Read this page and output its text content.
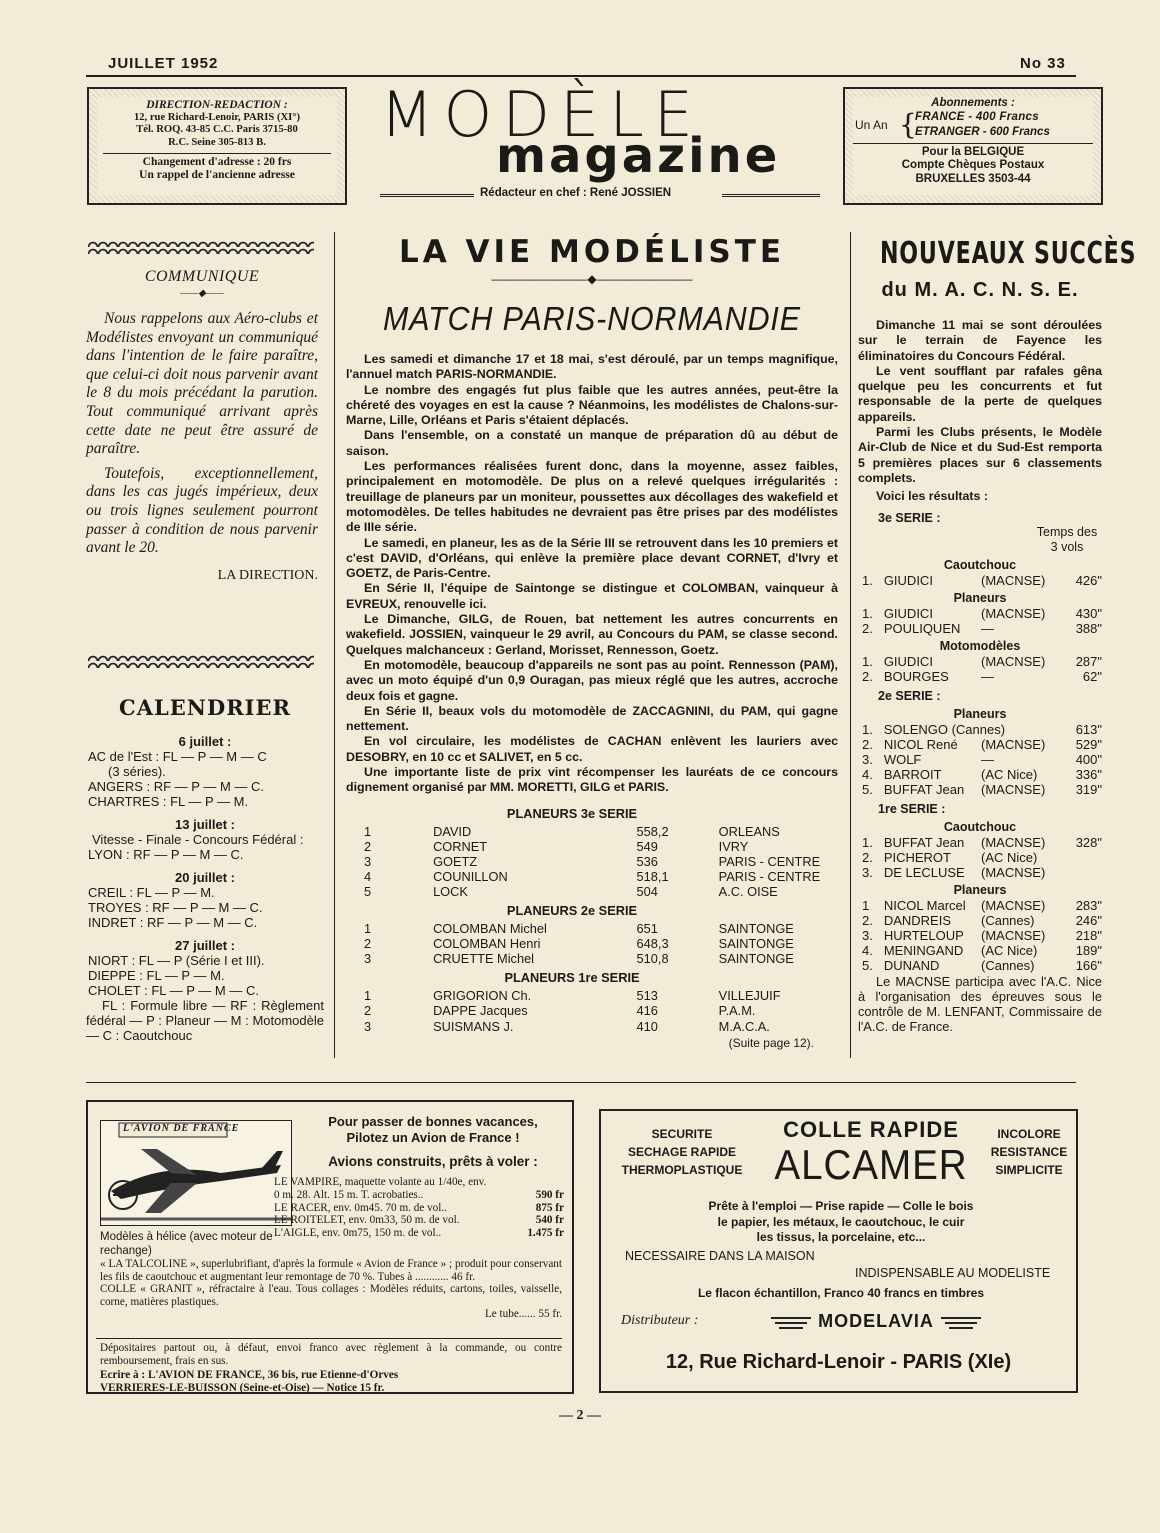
JUILLET 1952	No 33
DIRECTION-REDACTION :
12, rue Richard-Lenoir, PARIS (XI°)
Tél. ROQ. 43-85 C.C. Paris 3715-80
R.C. Seine 305-813 B.
Changement d'adresse : 20 frs
Un rappel de l'ancienne adresse
MODÈLE
magazine
Rédacteur en chef : René JOSSIEN
Abonnements :
Un An {
FRANCE - 400 Francs
ETRANGER - 600 Francs
Pour la BELGIQUE
Compte Chèques Postaux
BRUXELLES 3503-44
COMMUNIQUE
——◆——

Nous rappelons aux Aéro-clubs et Modélistes envoyant un communiqué dans l'intention de le faire paraître, que celui-ci doit nous parvenir avant le 8 du mois précédant la parution. Tout communiqué arrivant après cette date ne peut être assuré de paraître.

Toutefois, exceptionnellement, dans les cas jugés impérieux, deux ou trois lignes seulement pourront passer à condition de nous parvenir avant le 20.

LA DIRECTION.
CALENDRIER

6 juillet :

AC de l'Est : FL — P — M — C

(3 séries).

ANGERS : RF — P — M — C.

CHARTRES : FL — P — M.

13 juillet :

Vitesse - Finale - Concours Fédéral :

LYON : RF — P — M — C.

20 juillet :

CREIL : FL — P — M.

TROYES : RF — P — M — C.

INDRET : RF — P — M — C.

27 juillet :

NIORT : FL — P (Série I et III).

DIEPPE : FL — P — M.

CHOLET : FL — P — M — C.

FL : Formule libre — RF : Règlement fédéral — P : Planeur — M : Motomodèle — C : Caoutchouc

LA VIE MODÉLISTE
————————◆————————
MATCH PARIS-NORMANDIE

Les samedi et dimanche 17 et 18 mai, s'est déroulé, par un temps magnifique, l'annuel match PARIS-NORMANDIE.

Le nombre des engagés fut plus faible que les autres années, peut-être la chéreté des voyages en est la cause ? Néanmoins, les modélistes de Chalons-sur-Marne, Lille, Orléans et Paris s'étaient déplacés.

Dans l'ensemble, on a constaté un manque de préparation dû au début de saison.

Les performances réalisées furent donc, dans la moyenne, assez faibles, principalement en motomodèle. De plus on a relevé quelques irrégularités : treuillage de planeurs par un moniteur, poussettes aux décollages des wakefield et motomodèles. De telles habitudes ne devraient pas être prises par des modélistes de IIIe série.

Le samedi, en planeur, les as de la Série III se retrouvent dans les 10 premiers et c'est DAVID, d'Orléans, qui enlève la première place devant CORNET, d'Ivry et GOETZ, de Paris-Centre.

En Série II, l'équipe de Saintonge se distingue et COLOMBAN, vainqueur à EVREUX, renouvelle ici.

Le Dimanche, GILG, de Rouen, bat nettement les autres concurrents en wakefield. JOSSIEN, vainqueur le 29 avril, au Concours du PAM, se classe second. Quelques malchanceux : Gerland, Morisset, Rennesson, Goetz.

En motomodèle, beaucoup d'appareils ne sont pas au point. Rennesson (PAM), avec un moto équipé d'un 0,9 Ouragan, pas mieux réglé que les autres, accroche deux fois et gagne.

En Série II, beaux vols du motomodèle de ZACCAGNINI, du PAM, qui gagne nettement.

En vol circulaire, les modélistes de CACHAN enlèvent les lauriers avec DESOBRY, en 10 cc et SALIVET, en 5 cc.

Une importante liste de prix vint récompenser les lauréats de ce concours dignement organisé par MM. MORETTI, GILG et PARIS.

PLANEURS 3e SERIE
1	DAVID	558,2	ORLEANS
2	CORNET	549	IVRY
3	GOETZ	536	PARIS - CENTRE
4	COUNILLON	518,1	PARIS - CENTRE
5	LOCK	504	A.C. OISE
PLANEURS 2e SERIE
1	COLOMBAN Michel	651	SAINTONGE
2	COLOMBAN Henri	648,3	SAINTONGE
3	CRUETTE Michel	510,8	SAINTONGE
PLANEURS 1re SERIE
1	GRIGORION Ch.	513	VILLEJUIF
2	DAPPE Jacques	416	P.A.M.
3	SUISMANS J.	410	M.A.C.A.
(Suite page 12).
NOUVEAUX SUCCÈS
du M. A. C. N. S. E.

Dimanche 11 mai se sont déroulées sur le terrain de Fayence les éliminatoires du Concours Fédéral.

Le vent soufflant par rafales gêna quelque peu les concurrents et fut responsable de la perte de quelques appareils.

Parmi les Clubs présents, le Modèle Air-Club de Nice et du Sud-Est remporta 5 premières places sur 6 classements complets.

Voici les résultats :

3e SERIE :
Temps des 3 vols
Caoutchouc
1. GIUDICI	(MACNSE)	426"
Planeurs
1. GIUDICI	(MACNSE)	430"
2. POULIQUEN	—	388"
Motomodèles
1. GIUDICI	(MACNSE)	287"
2. BOURGES	—	62"
2e SERIE :
Planeurs
1. SOLENGO (Cannes)	613"
2. NICOL René	(MACNSE)	529"
3. WOLF	—	400"
4. BARROIT	(AC Nice)	336"
5. BUFFAT Jean	(MACNSE)	319"
1re SERIE :
Caoutchouc
1. BUFFAT Jean	(MACNSE)	328"
2. PICHEROT	(AC Nice)
3. DE LECLUSE	(MACNSE)
Planeurs
1	NICOL Marcel	(MACNSE)	283"
2. DANDREIS	(Cannes)	246"
3. HURTELOUP	(MACNSE)	218"
4. MENINGAND	(AC Nice)	189"
5. DUNAND	(Cannes)	166"

Le MACNSE participa avec l'A.C. Nice à l'organisation des épreuves sous le contrôle de M. LENFANT, Commissaire de l'A.C. de France.

L'AVION DE FRANCE
Modèles à hélice (avec moteur de rechange)
Pour passer de bonnes vacances,
Pilotez un Avion de France !
Avions construits, prêts à voler :
LE VAMPIRE, maquette volante au 1/40e, env.
0 m. 28. Alt. 15 m. T. acrobaties..	590 fr
LE RACER, env. 0m45. 70 m. de vol..	875 fr
LE ROITELET, env. 0m33, 50 m. de vol.	540 fr
L'AIGLE, env. 0m75, 150 m. de vol..	1.475 fr

« LA TALCOLINE », superlubrifiant, d'après la formule « Avion de France » ; produit pour conservant les fils de caoutchouc et augmentant leur remontage de 70 %. Tubes à ............ 46 fr.

COLLE « GRANIT », réfractaire à l'eau. Tous collages : Modèles réduits, cartons, toiles, vaisselle, corne, matières plastiques.

Le tube...... 55 fr.

Dépositaires partout ou, à défaut, envoi franco avec règlement à la commande, ou contre remboursement, frais en sus.

Ecrire à : L'AVION DE FRANCE, 36 bis, rue Etienne-d'Orves

VERRIERES-LE-BUISSON (Seine-et-Oise) — Notice 15 fr.

SECURITE
SECHAGE RAPIDE
THERMOPLASTIQUE
COLLE RAPIDE
ALCAMER
INCOLORE
RESISTANCE
SIMPLICITE
Prête à l'emploi — Prise rapide — Colle le bois
le papier, les métaux, le caoutchouc, le cuir
les tissus, la porcelaine, etc...
NECESSAIRE DANS LA MAISON
INDISPENSABLE AU MODELISTE
Le flacon échantillon, Franco 40 francs en timbres
Distributeur :	MODELAVIA
12, Rue Richard-Lenoir - PARIS (XIe)
— 2 —
